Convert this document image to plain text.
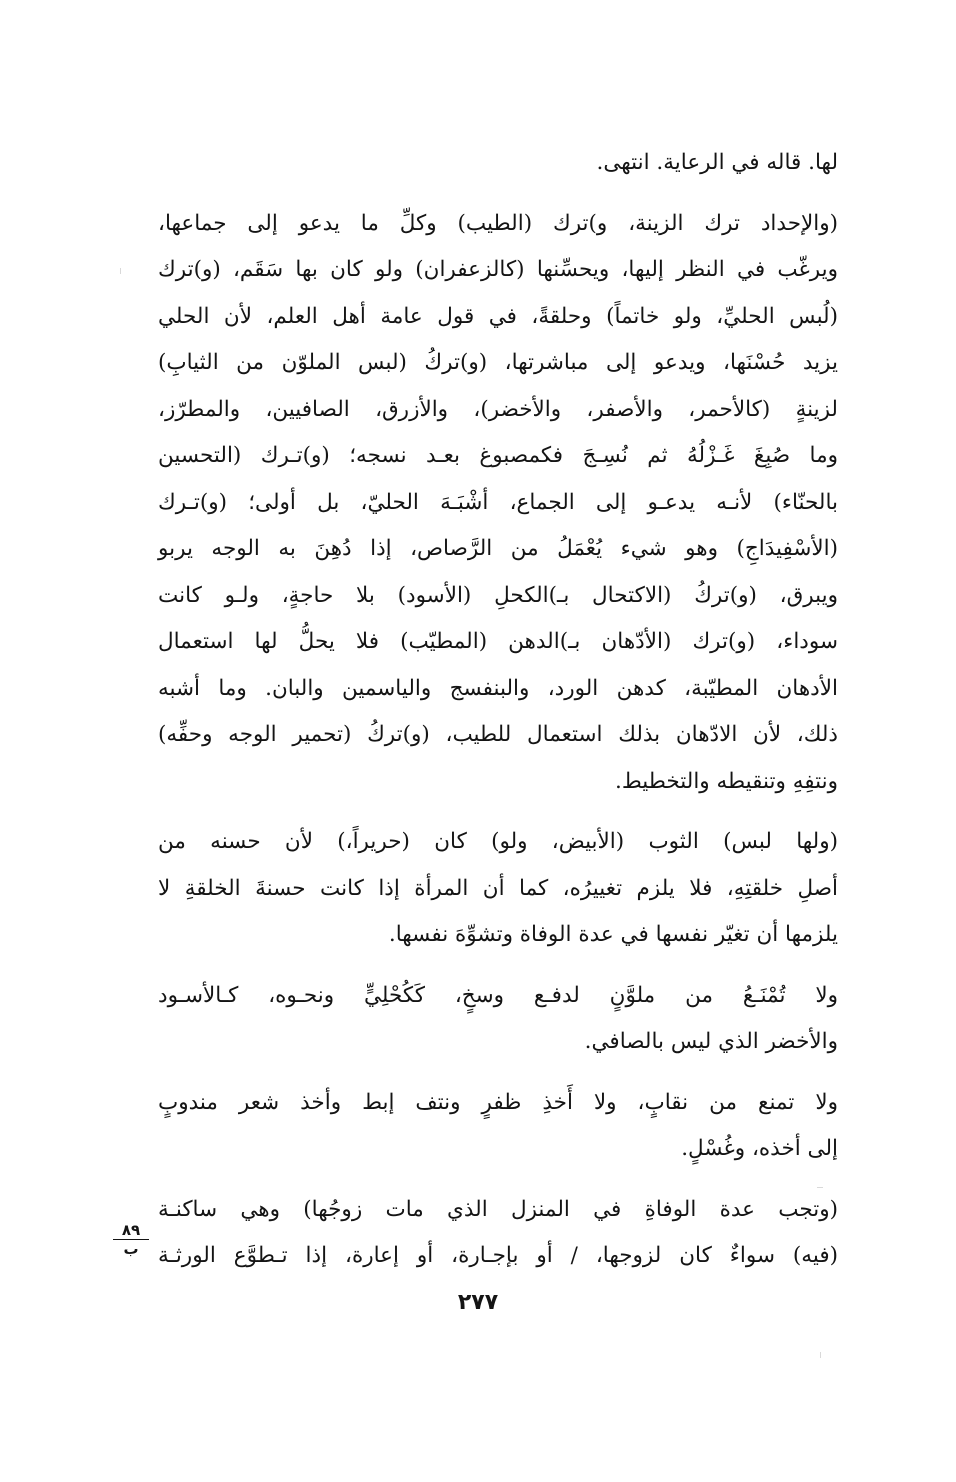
لها. قاله في الرعاية. انتهى.
(والإحداد ترك الزينة، و)ترك (الطيب) وكلِّ ما يدعو إلى جماعها،
ويرغّب في النظر إليها، ويحسِّنها (كالزعفران) ولو كان بها سَقَم، (و)ترك
(لُبس الحليِّ، ولو خاتماً) وحلقةً، في قول عامة أهل العلم، لأن الحلي
يزيد حُسْنَها، ويدعو إلى مباشرتها، (و)تركُ (لبس الملوّن من الثيابِ)
لزينةٍ (كالأحمر، والأصفر، والأخضر)، والأزرق، الصافيين، والمطرّز،
وما صُبِغَ غَـزْلُهُ ثم نُسِـجَ فكمصبوغ بعـد نسجه؛ (و)تـرك (التحسين
بالحنّاء) لأنـه يدعـو إلى الجماع، أشْبَـهَ الحليّ، بل أولى؛ (و)تـرك
(الأسْفِيدَاجِ) وهو شيء يُعْمَلُ من الرَّصاص، إذا دُهِنَ به الوجه يربو
ويبرق، (و)تركُ (الاكتحال بـ)الكحلِ (الأسود) بلا حاجةٍ، ولـو كانت
سوداء، (و)ترك (الأدّهان بـ)الدهن (المطيّب) فلا يحلُّ لها استعمال
الأدهان المطيّبة، كدهن الورد، والبنفسج والياسمين والبان. وما أشبه
ذلك، لأن الادّهان بذلك استعمال للطيب، (و)تركُ (تحمير الوجه وحفِّه)
ونتفِهِ وتنقيطه والتخطيط.
(ولها لبس) الثوب (الأبيض، ولو) كان (حريراً،) لأن حسنه من
أصلِ خلقتِهِ، فلا يلزم تغييرُه، كما أن المرأة إذا كانت حسنةَ الخلقةِ لا
يلزمها أن تغيّر نفسها في عدة الوفاة وتشوِّهَ نفسها.
ولا تُمْنَـعُ من ملوَّنٍ لدفـع وسخٍ، كَكُحْلِيٍّ ونحـوه، كـالأسـود
والأخضر الذي ليس بالصافي.
ولا تمنع من نقابٍ، ولا أَخذِ ظفرٍ ونتف إبط وأخذ شعر مندوبٍ
إلى أخذه، وغُسْلٍ.
(وتجب عدة الوفاةِ في المنزل الذي مات زوجُها) وهي ساكنـة
(فيه) سواءٌ كان لزوجها، / أو بإجـارة، أو إعارة، إذا تـطوَّع الورثـة
٨٩
ب
٢٧٧
